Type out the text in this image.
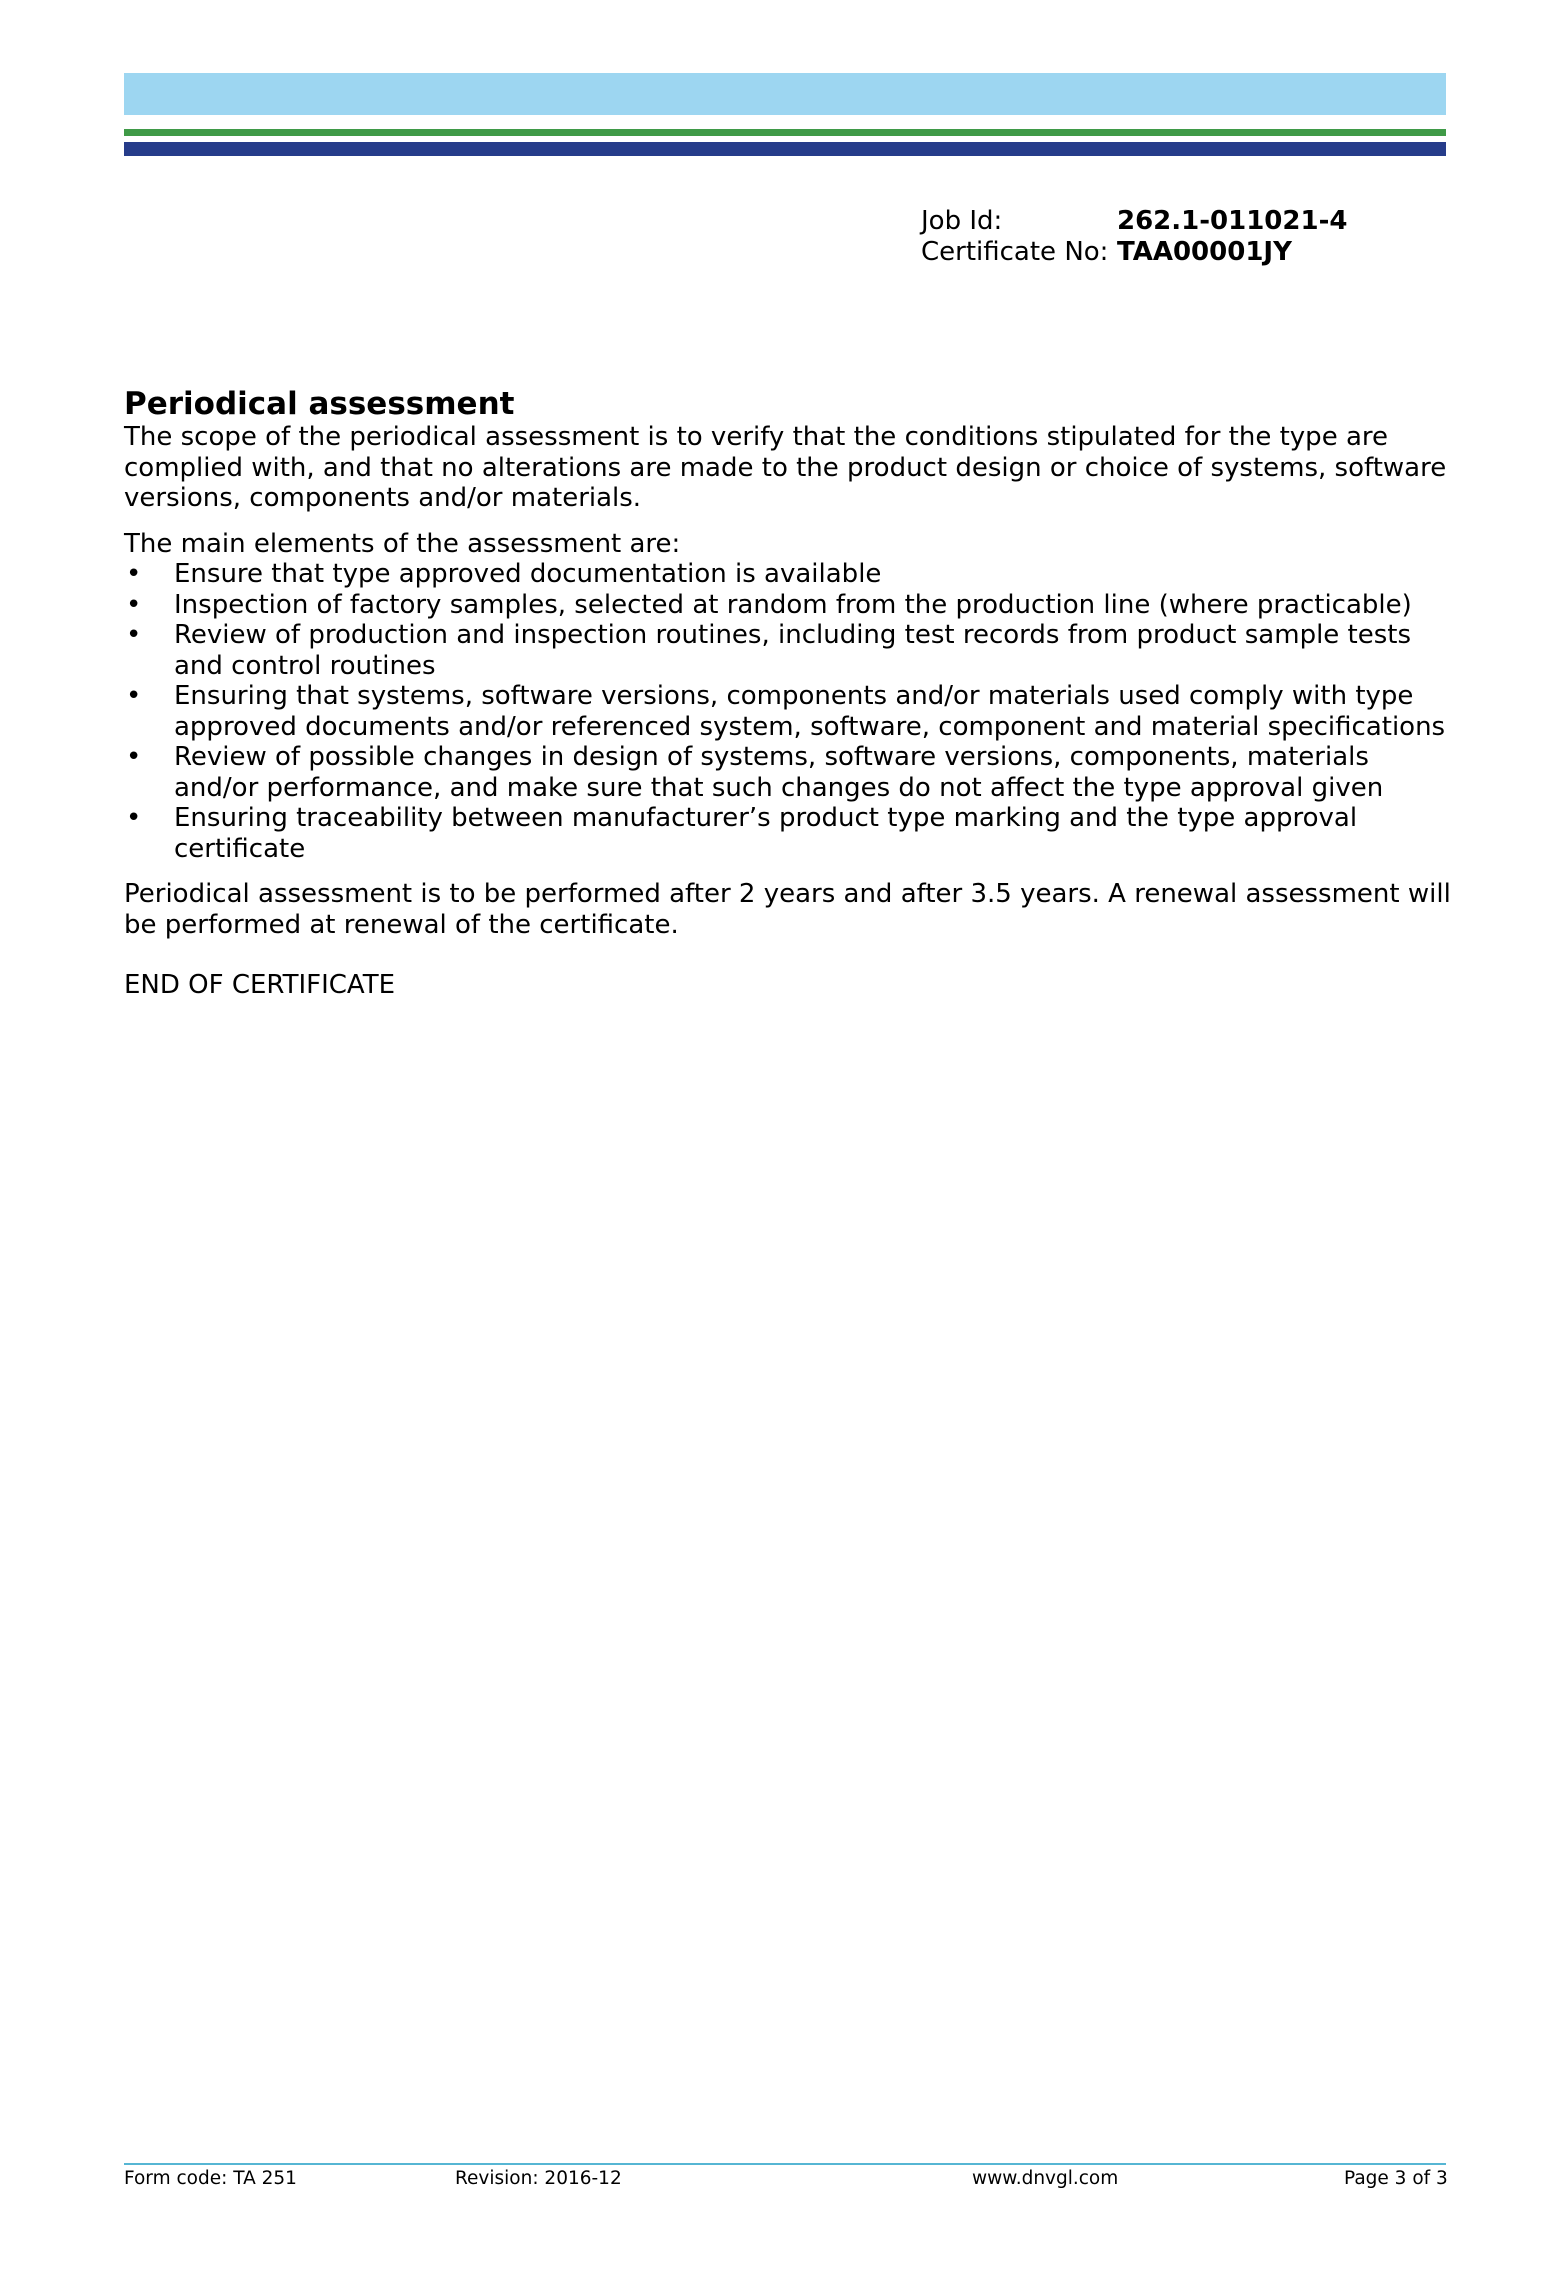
Job Id:	262.1-011021-4
Certificate No: TAA00001JY
Periodical assessment

The scope of the periodical assessment is to verify that the conditions stipulated for the type are complied with, and that no alterations are made to the product design or choice of systems, software versions, components and/or materials.

The main elements of the assessment are:

• Ensure that type approved documentation is available
• Inspection of factory samples, selected at random from the production line (where practicable)
• Review of production and inspection routines, including test records from product sample tests and control routines
• Ensuring that systems, software versions, components and/or materials used comply with type approved documents and/or referenced system, software, component and material specifications
• Review of possible changes in design of systems, software versions, components, materials and/or performance, and make sure that such changes do not affect the type approval given
• Ensuring traceability between manufacturer’s product type marking and the type approval certificate

Periodical assessment is to be performed after 2 years and after 3.5 years. A renewal assessment will be performed at renewal of the certificate.

END OF CERTIFICATE

Form code: TA 251	Revision: 2016-12	www.dnvgl.com	Page 3 of 3
